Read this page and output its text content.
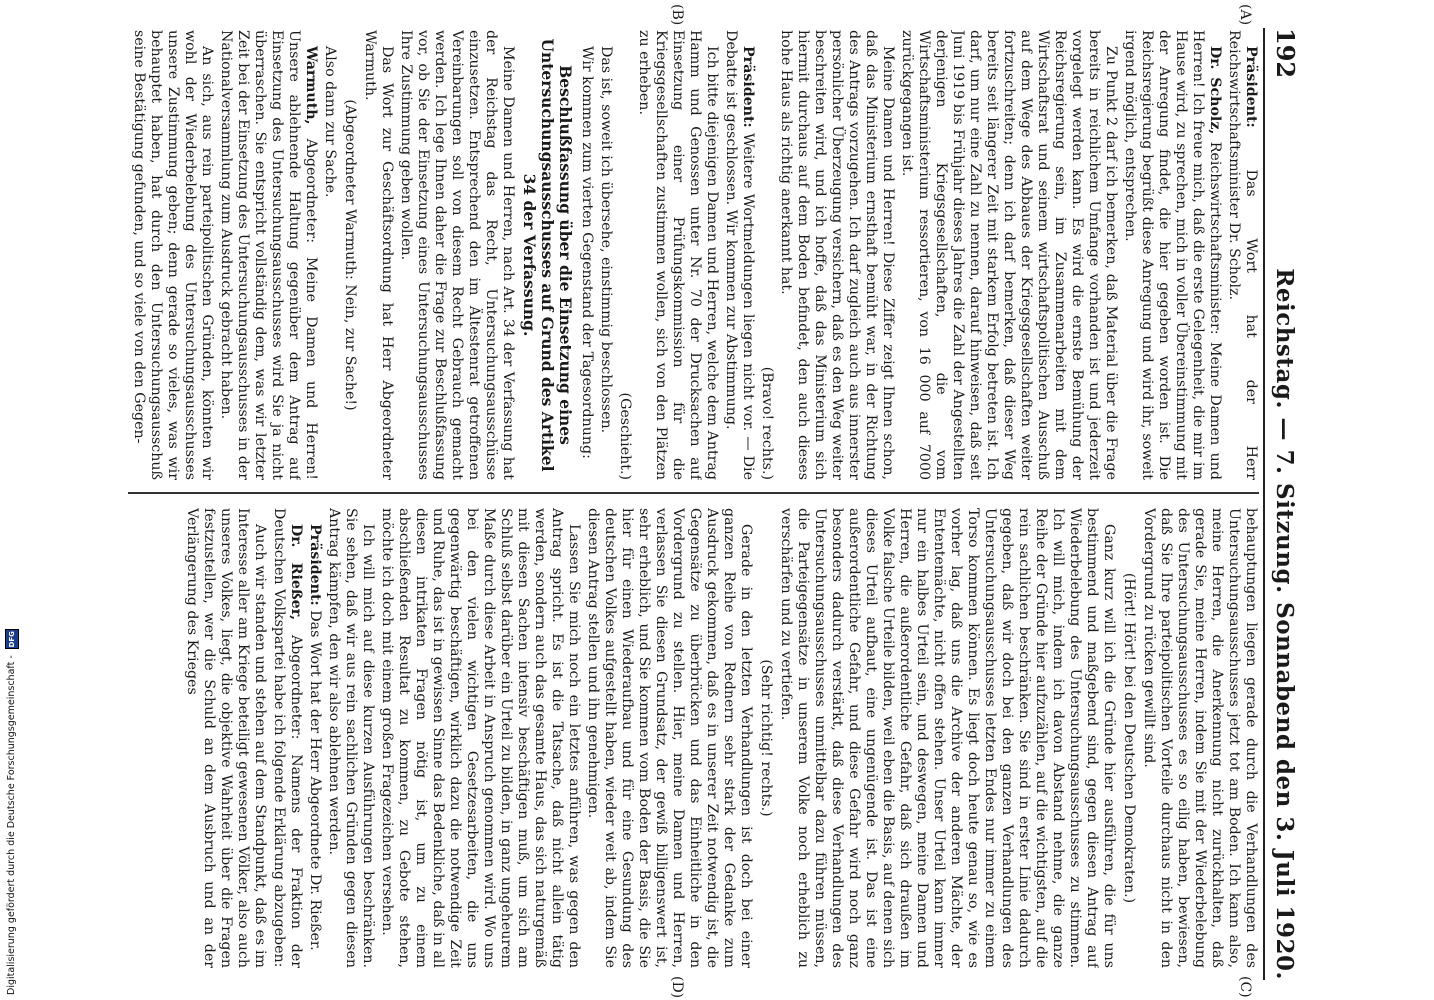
Digitalisierung gefördert durch die Deutsche Forschungsgemeinschaft -
DFG
192
Reichstag. — 7. Sitzung. Sonnabend den 3. Juli 1920.
(A)
(B)
(C)
(D)

Präsident: Das Wort hat der Herr Reichswirtschaftsminister Dr. Scholz.

Dr. Scholz, Reichswirtschaftsminister: Meine Damen und Herren! Ich freue mich, daß die erste Gelegenheit, die mir im Hause wird, zu sprechen, mich in voller Übereinstimmung mit der Anregung findet, die hier gegeben worden ist. Die Reichsregierung begrüßt diese Anregung und wird ihr, soweit irgend möglich, entsprechen.

Zu Punkt 2 darf ich bemerken, daß Material über die Frage bereits in reichlichem Umfange vorhanden ist und jederzeit vorgelegt werden kann. Es wird die ernste Bemühung der Reichsregierung sein, im Zusammenarbeiten mit dem Wirtschaftsrat und seinem wirtschaftspolitischen Ausschuß auf dem Wege des Abbaues der Kriegsgesellschaften weiter fortzuschreiten; denn ich darf bemerken, daß dieser Weg bereits seit längerer Zeit mit starkem Erfolg betreten ist. Ich darf, um nur eine Zahl zu nennen, darauf hinweisen, daß seit Juni 1919 bis Frühjahr dieses Jahres die Zahl der Angestellten derjenigen Kriegsgesellschaften, die vom Wirtschaftsministerium ressortieren, von 16 000 auf 7000 zurückgegangen ist.

Meine Damen und Herren! Diese Ziffer zeigt Ihnen schon, daß das Ministerium ernsthaft bemüht war, in der Richtung des Antrags vorzugehen. Ich darf zugleich auch aus innerster persönlicher Überzeugung versichern, daß es den Weg weiter beschreiten wird, und ich hoffe, daß das Ministerium sich hiermit durchaus auf dem Boden befindet, den auch dieses hohe Haus als richtig anerkannt hat.

(Bravo! rechts.)

Präsident: Weitere Wortmeldungen liegen nicht vor. — Die Debatte ist geschlossen. Wir kommen zur Abstimmung.

Ich bitte diejenigen Damen und Herren, welche dem Antrag Hamm und Genossen unter Nr. 70 der Drucksachen auf Einsetzung einer Prüfungskommission für die Kriegsgesellschaften zustimmen wollen, sich von den Plätzen zu erheben.

(Geschieht.)

Das ist, soweit ich übersehe, einstimmig beschlossen.

Wir kommen zum vierten Gegenstand der Tagesordnung:

Beschlußfassung über die Einsetzung eines Untersuchungsausschusses auf Grund des Artikel 34 der Verfassung.

Meine Damen und Herren, nach Art. 34 der Verfassung hat der Reichstag das Recht, Untersuchungsausschüsse einzusetzen. Entsprechend den im Ältestenrat getroffenen Vereinbarungen soll von diesem Recht Gebrauch gemacht werden. Ich lege Ihnen daher die Frage zur Beschlußfassung vor, ob Sie der Einsetzung eines Untersuchungsausschusses Ihre Zustimmung geben wollen.

Das Wort zur Geschäftsordnung hat Herr Abgeordneter Warmuth.

(Abgeordneter Warmuth: Nein, zur Sache!)

Also dann zur Sache.

Warmuth, Abgeordneter: Meine Damen und Herren! Unsere ablehnende Haltung gegenüber dem Antrag auf Einsetzung des Untersuchungsausschusses wird Sie ja nicht überraschen. Sie entspricht vollständig dem, was wir letzter Zeit bei der Einsetzung des Untersuchungsausschusses in der Nationalversammlung zum Ausdruck gebracht haben.

An sich, aus rein parteipolitischen Gründen, könnten wir wohl der Wiederbelebung des Untersuchungsausschusses unsere Zustimmung geben; denn gerade so vieles, was wir behauptet haben, hat durch den Untersuchungsausschuß seine Bestätigung gefunden, und so viele von den Gegen-

behauptungen liegen gerade durch die Verhandlungen des Untersuchungsausschusses jetzt tot am Boden. Ich kann also, meine Herren, die Anerkennung nicht zurückhalten, daß gerade Sie, meine Herren, indem Sie mit der Wiederbelebung des Untersuchungsausschusses es so eilig haben, bewiesen, daß Sie Ihre parteipolitischen Vorteile durchaus nicht in den Vordergrund zu rücken gewillt sind.

(Hört! Hört! bei den Deutschen Demokraten.)

Ganz kurz will ich die Gründe hier ausführen, die für uns bestimmend und maßgebend sind, gegen diesen Antrag auf Wiederbelebung des Untersuchungsausschusses zu stimmen. Ich will mich, indem ich davon Abstand nehme, die ganze Reihe der Gründe hier aufzuzählen, auf die wichtigsten, auf die rein sachlichen beschränken. Sie sind in erster Linie dadurch gegeben, daß wir doch bei den ganzen Verhandlungen des Untersuchungsausschusses letzten Endes nur immer zu einem Torso kommen können. Es liegt doch heute genau so, wie es vorher lag, daß uns die Archive der anderen Mächte, der Ententemächte, nicht offen stehen. Unser Urteil kann immer nur ein halbes Urteil sein, und deswegen, meine Damen und Herren, die außerordentliche Gefahr, daß sich draußen im Volke falsche Urteile bilden, weil eben die Basis, auf denen sich dieses Urteil aufbaut, eine ungenügende ist. Das ist eine außerordentliche Gefahr, und diese Gefahr wird noch ganz besonders dadurch verstärkt, daß diese Verhandlungen des Untersuchungsausschusses unmittelbar dazu führen müssen, die Parteigegensätze in unserem Volke noch erheblich zu verschärfen und zu vertiefen.

(Sehr richtig! rechts.)

Gerade in den letzten Verhandlungen ist doch bei einer ganzen Reihe von Rednern sehr stark der Gedanke zum Ausdruck gekommen, daß es in unserer Zeit notwendig ist, die Gegensätze zu überbrücken und das Einheitliche in den Vordergrund zu stellen. Hier, meine Damen und Herren, verlassen Sie diesen Grundsatz, der gewiß billigenswert ist, sehr erheblich, und Sie kommen vom Boden der Basis, die Sie hier für einen Wiederaufbau und für eine Gesundung des deutschen Volkes aufgestellt haben, wieder weit ab, indem Sie diesen Antrag stellen und ihn genehmigen.

Lassen Sie mich noch ein letztes anführen, was gegen den Antrag spricht. Es ist die Tatsache, daß nicht allein tätig werden, sondern auch das gesamte Haus, das sich naturgemäß mit diesen Sachen intensiv beschäftigen muß, um sich am Schluß selbst darüber ein Urteil zu bilden, in ganz ungeheurem Maße durch diese Arbeit in Anspruch genommen wird. Wo uns bei den vielen wichtigen Gesetzesarbeiten, die uns gegenwärtig beschäftigen, wirklich dazu die notwendige Zeit und Ruhe, das ist in gewissen Sinne das Bedenkliche, daß in all diesen intrikaten Fragen nötig ist, um zu einem abschließenden Resultat zu kommen, zu Gebote stehen, möchte ich doch mit einem großen Fragezeichen versehen.

Ich will mich auf diese kurzen Ausführungen beschränken. Sie sehen, daß wir aus rein sachlichen Gründen gegen diesen Antrag kämpfen, den wir also ablehnen werden.

Präsident: Das Wort hat der Herr Abgeordnete Dr. Rießer.

Dr. Rießer, Abgeordneter: Namens der Fraktion der Deutschen Volkspartei habe ich folgende Erklärung abzugeben:

Auch wir standen und stehen auf dem Standpunkt, daß es im Interesse aller am Kriege beteiligt gewesenen Völker, also auch unseres Volkes, liegt, die objektive Wahrheit über die Fragen festzustellen, wer die Schuld an dem Ausbruch und an der Verlängerung des Krieges
